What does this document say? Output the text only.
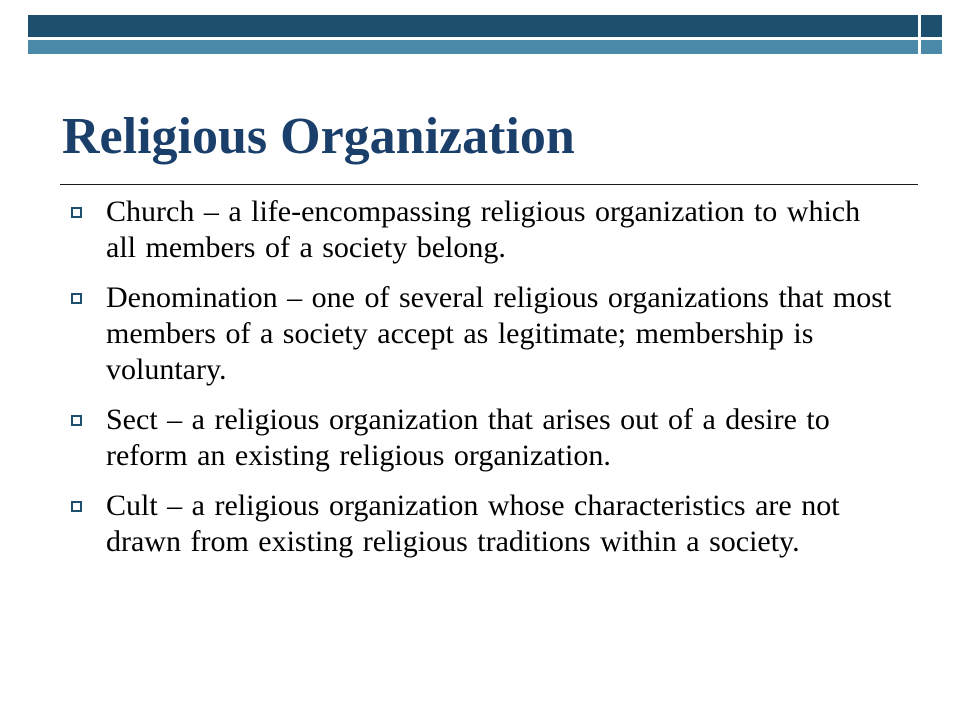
Religious Organization
Church – a life-encompassing religious organization to which all members of a society belong.
Denomination – one of several religious organizations that most members of a society accept as legitimate; membership is voluntary.
Sect – a religious organization that arises out of a desire to reform an existing religious organization.
Cult – a religious organization whose characteristics are not drawn from existing religious traditions within a society.
